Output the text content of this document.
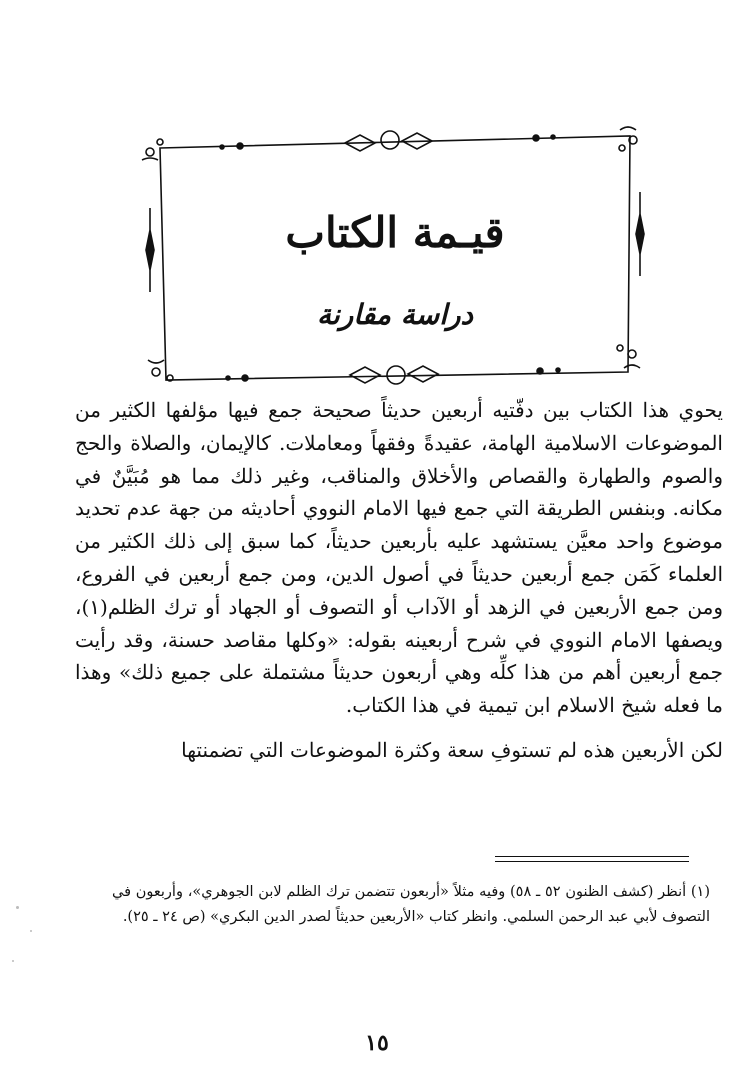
قيـمة الكتاب
دراسة مقارنة

يحوي هذا الكتاب بين دفّتيه أربعين حديثاً صحيحة جمع فيها مؤلفها الكثير من الموضوعات الاسلامية الهامة، عقيدةً وفقهاً ومعاملات. كالإيمان، والصلاة والحج والصوم والطهارة والقصاص والأخلاق والمناقب، وغير ذلك مما هو مُبَيَّنٌ في مكانه. وبنفس الطريقة التي جمع فيها الامام النووي أحاديثه من جهة عدم تحديد موضوع واحد معيَّن يستشهد عليه بأربعين حديثاً، كما سبق إلى ذلك الكثير من العلماء كَمَن جمع أربعين حديثاً في أصول الدين، ومن جمع أربعين في الفروع، ومن جمع الأربعين في الزهد أو الآداب أو التصوف أو الجهاد أو ترك الظلم(١)، ويصفها الامام النووي في شرح أربعينه بقوله: «وكلها مقاصد حسنة، وقد رأيت جمع أربعين أهم من هذا كلِّه وهي أربعون حديثاً مشتملة على جميع ذلك» وهذا ما فعله شيخ الاسلام ابن تيمية في هذا الكتاب.

لكن الأربعين هذه لم تستوفِ سعة وكثرة الموضوعات التي تضمنتها

(١) أنظر (كشف الظنون ٥٢ ـ ٥٨) وفيه مثلاً «أربعون تتضمن ترك الظلم لابن الجوهري»، وأربعون في التصوف لأبي عبد الرحمن السلمي. وانظر كتاب «الأربعين حديثاً لصدر الدين البكري» (ص ٢٤ ـ ٢٥).

١٥
